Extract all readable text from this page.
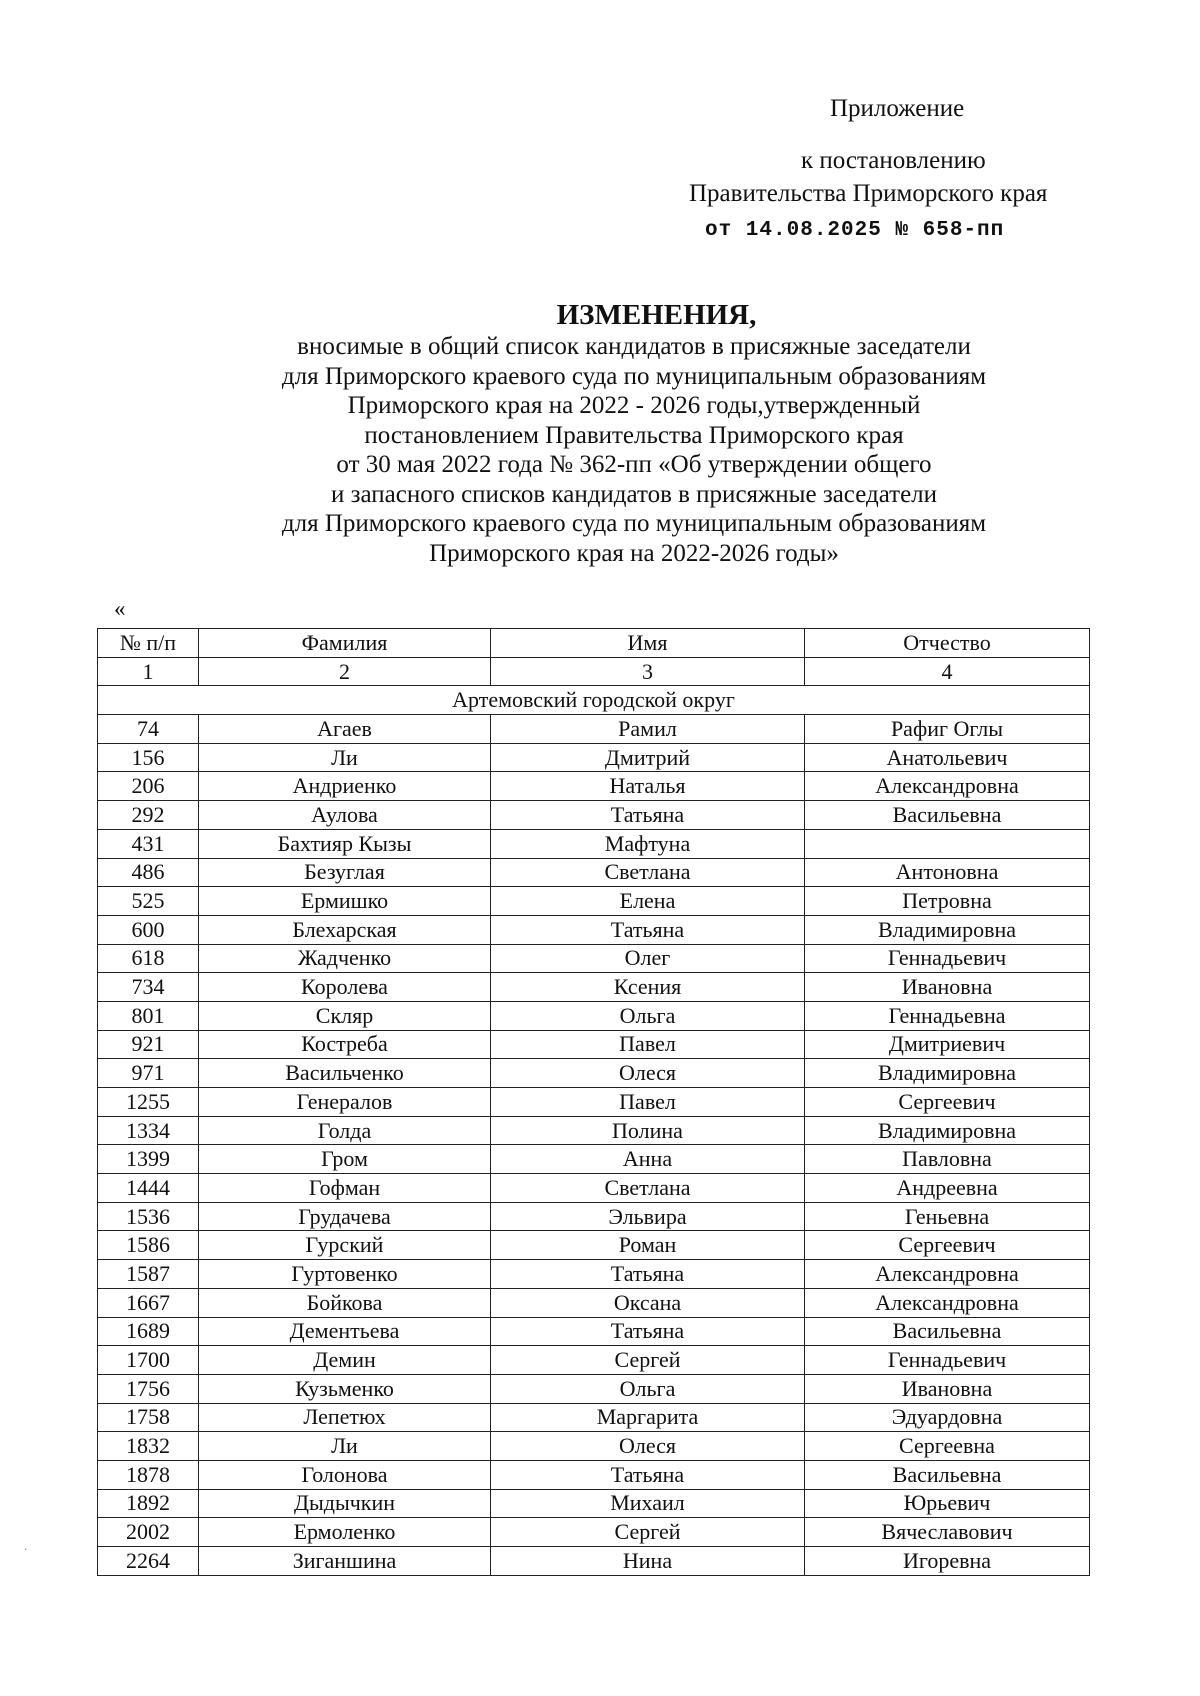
Приложение
к постановлению
Правительства Приморского края
от 14.08.2025 № 658-пп
ИЗМЕНЕНИЯ,
вносимые в общий список кандидатов в присяжные заседатели
для Приморского краевого суда по муниципальным образованиям
Приморского края на 2022 - 2026 годы,утвержденный
постановлением Правительства Приморского края
от 30 мая 2022 года № 362-пп «Об утверждении общего
и запасного списков кандидатов в присяжные заседатели
для Приморского краевого суда по муниципальным образованиям
Приморского края на 2022-2026 годы»
«
№ п/п	Фамилия	Имя	Отчество
1	2	3	4
Артемовский городской округ			
74	Агаев	Рамил	Рафиг Оглы
156	Ли	Дмитрий	Анатольевич
206	Андриенко	Наталья	Александровна
292	Аулова	Татьяна	Васильевна
431	Бахтияр Кызы	Мафтуна	
486	Безуглая	Светлана	Антоновна
525	Ермишко	Елена	Петровна
600	Блехарская	Татьяна	Владимировна
618	Жадченко	Олег	Геннадьевич
734	Королева	Ксения	Ивановна
801	Скляр	Ольга	Геннадьевна
921	Костреба	Павел	Дмитриевич
971	Васильченко	Олеся	Владимировна
1255	Генералов	Павел	Сергеевич
1334	Голда	Полина	Владимировна
1399	Гром	Анна	Павловна
1444	Гофман	Светлана	Андреевна
1536	Грудачева	Эльвира	Геньевна
1586	Гурский	Роман	Сергеевич
1587	Гуртовенко	Татьяна	Александровна
1667	Бойкова	Оксана	Александровна
1689	Дементьева	Татьяна	Васильевна
1700	Демин	Сергей	Геннадьевич
1756	Кузьменко	Ольга	Ивановна
1758	Лепетюх	Маргарита	Эдуардовна
1832	Ли	Олеся	Сергеевна
1878	Голонова	Татьяна	Васильевна
1892	Дыдычкин	Михаил	Юрьевич
2002	Ермоленко	Сергей	Вячеславович
2264	Зиганшина	Нина	Игоревна
·
